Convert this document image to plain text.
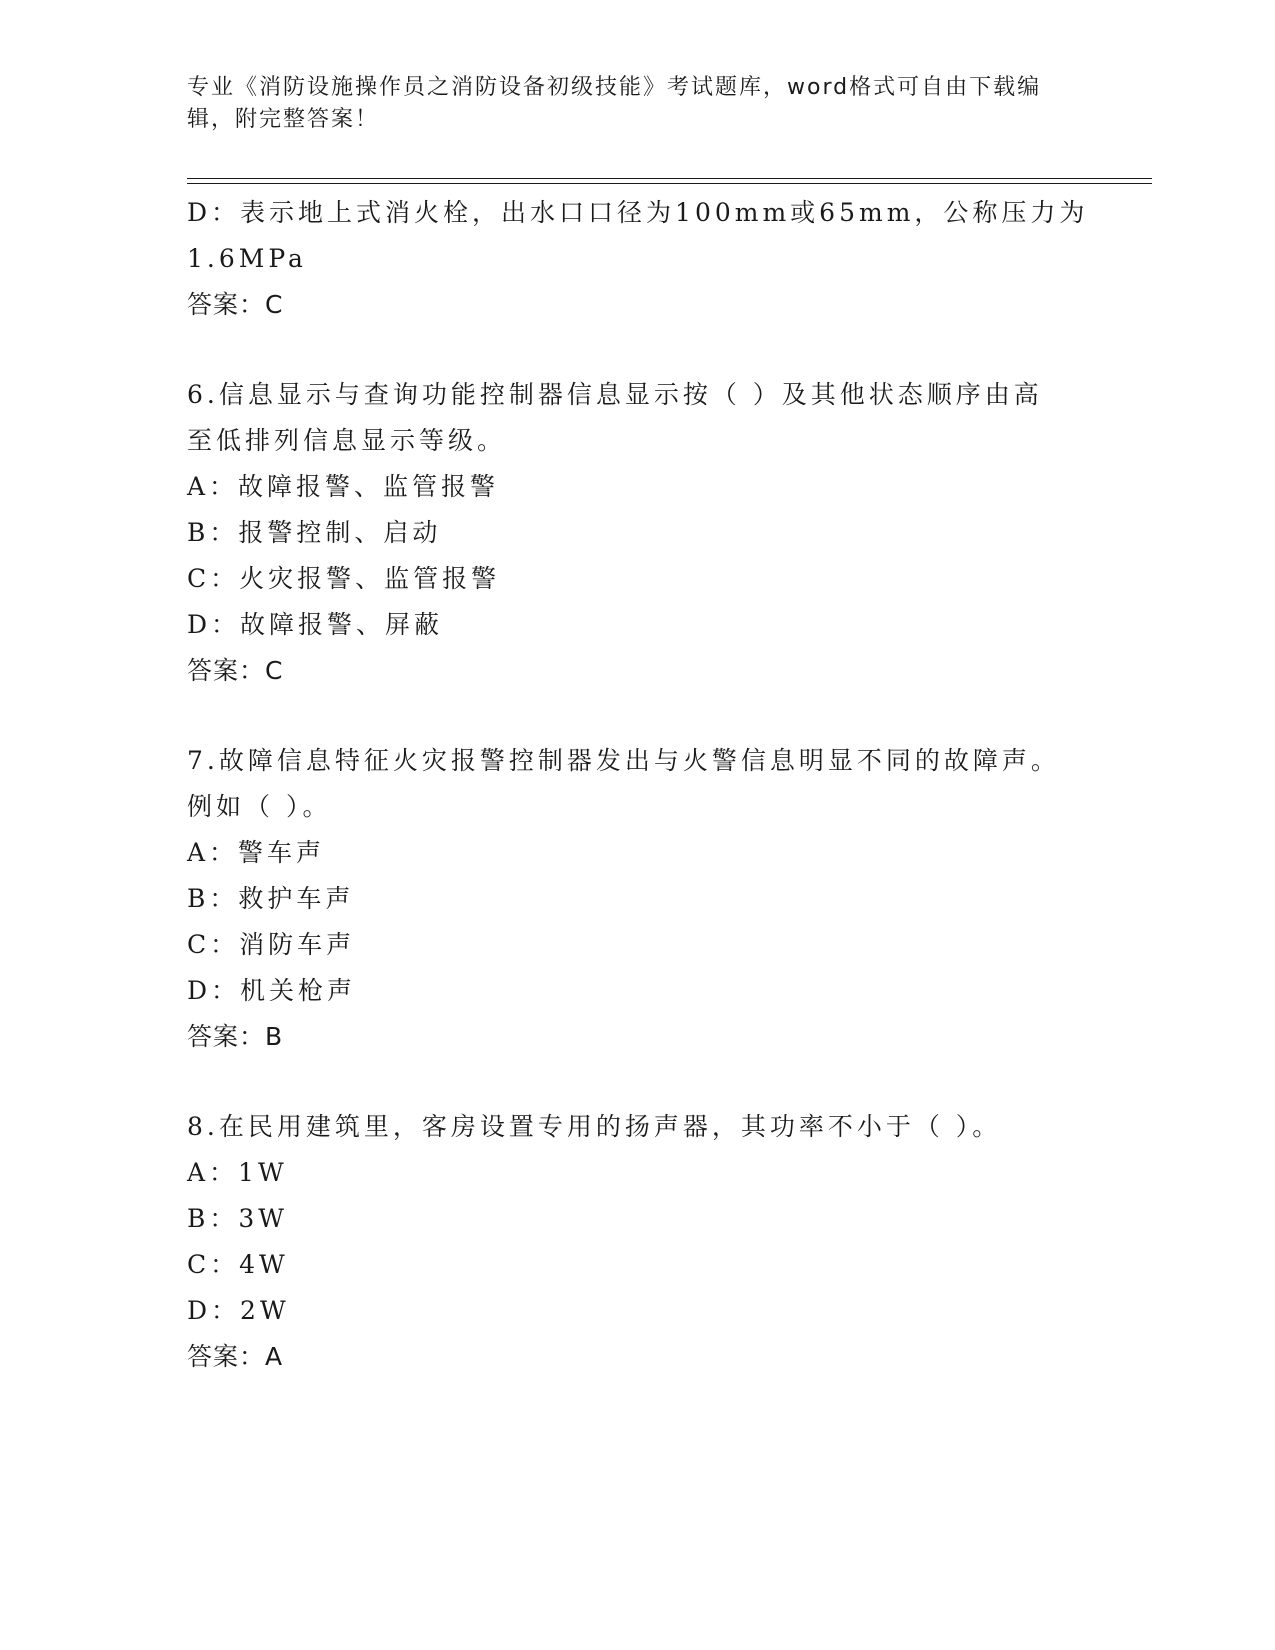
专业《消防设施操作员之消防设备初级技能》考试题库，word格式可自由下载编
辑，附完整答案！
D：表示地上式消火栓，出水口口径为100mm或65mm，公称压力为
1.6MPa
答案：C
6.信息显示与查询功能控制器信息显示按（ ）及其他状态顺序由高
至低排列信息显示等级。
A：故障报警、监管报警
B：报警控制、启动
C：火灾报警、监管报警
D：故障报警、屏蔽
答案：C
7.故障信息特征火灾报警控制器发出与火警信息明显不同的故障声。
例如（ ）。
A：警车声
B：救护车声
C：消防车声
D：机关枪声
答案：B
8.在民用建筑里，客房设置专用的扬声器，其功率不小于（ ）。
A：1W
B：3W
C：4W
D：2W
答案：A
